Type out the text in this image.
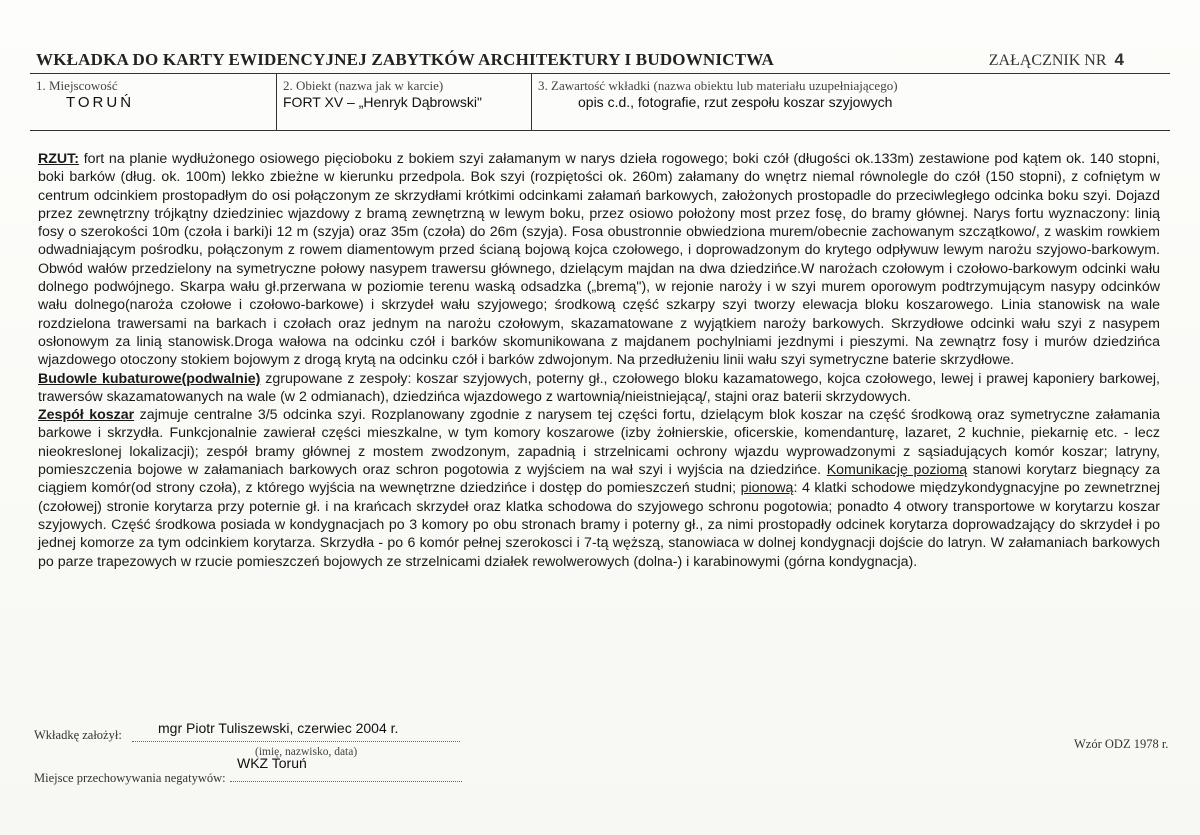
WKŁADKA DO KARTY EWIDENCYJNEJ ZABYTKÓW ARCHITEKTURY I BUDOWNICTWA	ZAŁĄCZNIK NR 4
1. Miejscowość
TORUŃ
2. Obiekt (nazwa jak w karcie)
FORT XV – „Henryk Dąbrowski"
3. Zawartość wkładki (nazwa obiektu lub materiału uzupełniającego)
opis c.d., fotografie, rzut zespołu koszar szyjowych

RZUT: fort na planie wydłużonego osiowego pięcioboku z bokiem szyi załamanym w narys dzieła rogowego; boki czół (długości ok.133m) zestawione pod kątem ok. 140 stopni, boki barków (dług. ok. 100m) lekko zbieżne w kierunku przedpola. Bok szyi (rozpiętości ok. 260m) załamany do wnętrz niemal równolegle do czół (150 stopni), z cofniętym w centrum odcinkiem prostopadłym do osi połączonym ze skrzydłami krótkimi odcinkami załamań barkowych, założonych prostopadle do przeciwległego odcinka boku szyi. Dojazd przez zewnętrzny trójkątny dziedziniec wjazdowy z bramą zewnętrzną w lewym boku, przez osiowo położony most przez fosę, do bramy głównej. Narys fortu wyznaczony: linią fosy o szerokości 10m (czoła i barki)i 12 m (szyja) oraz 35m (czoła) do 26m (szyja). Fosa obustronnie obwiedziona murem/obecnie zachowanym szczątkowo/, z waskim rowkiem odwadniającym pośrodku, połączonym z rowem diamentowym przed ścianą bojową kojca czołowego, i doprowadzonym do krytego odpływuw lewym narożu szyjowo-barkowym. Obwód wałów przedzielony na symetryczne połowy nasypem trawersu głównego, dzielącym majdan na dwa dziedzińce.W narożach czołowym i czołowo-barkowym odcinki wału dolnego podwójnego. Skarpa wału gł.przerwana w poziomie terenu waską odsadzka („bremą"), w rejonie naroży i w szyi murem oporowym podtrzymującym nasypy odcinków wału dolnego(naroża czołowe i czołowo-barkowe) i skrzydeł wału szyjowego; środkową część szkarpy szyi tworzy elewacja bloku koszarowego. Linia stanowisk na wale rozdzielona trawersami na barkach i czołach oraz jednym na narożu czołowym, skazamatowane z wyjątkiem naroży barkowych. Skrzydłowe odcinki wału szyi z nasypem osłonowym za linią stanowisk.Droga wałowa na odcinku czół i barków skomunikowana z majdanem pochylniami jezdnymi i pieszymi. Na zewnątrz fosy i murów dziedzińca wjazdowego otoczony stokiem bojowym z drogą krytą na odcinku czół i barków zdwojonym. Na przedłużeniu linii wału szyi symetryczne baterie skrzydłowe.

Budowle kubaturowe(podwalnie) zgrupowane z zespoły: koszar szyjowych, poterny gł., czołowego bloku kazamatowego, kojca czołowego, lewej i prawej kaponiery barkowej, trawersów skazamatowanych na wale (w 2 odmianach), dziedzińca wjazdowego z wartownią/nieistniejącą/, stajni oraz baterii skrzydowych.

Zespół koszar zajmuje centralne 3/5 odcinka szyi. Rozplanowany zgodnie z narysem tej części fortu, dzielącym blok koszar na część środkową oraz symetryczne załamania barkowe i skrzydła. Funkcjonalnie zawierał części mieszkalne, w tym komory koszarowe (izby żołnierskie, oficerskie, komendanturę, lazaret, 2 kuchnie, piekarnię etc. - lecz nieokreslonej lokalizacji); zespół bramy głównej z mostem zwodzonym, zapadnią i strzelnicami ochrony wjazdu wyprowadzonymi z sąsiadujących komór koszar; latryny, pomieszczenia bojowe w załamaniach barkowych oraz schron pogotowia z wyjściem na wał szyi i wyjścia na dziedzińce. Komunikację poziomą stanowi korytarz biegnący za ciągiem komór(od strony czoła), z którego wyjścia na wewnętrzne dziedzińce i dostęp do pomieszczeń studni; pionową: 4 klatki schodowe międzykondygnacyjne po zewnetrznej (czołowej) stronie korytarza przy poternie gł. i na krańcach skrzydeł oraz klatka schodowa do szyjowego schronu pogotowia; ponadto 4 otwory transportowe w korytarzu koszar szyjowych. Część środkowa posiada w kondygnacjach po 3 komory po obu stronach bramy i poterny gł., za nimi prostopadły odcinek korytarza doprowadzający do skrzydeł i po jednej komorze za tym odcinkiem korytarza. Skrzydła - po 6 komór pełnej szerokosci i 7-tą węższą, stanowiaca w dolnej kondygnacji dojście do latryn. W załamaniach barkowych po parze trapezowych w rzucie pomieszczeń bojowych ze strzelnicami działek rewolwerowych (dolna-) i karabinowymi (górna kondygnacja).

Wkładkę założył:	mgr Piotr Tuliszewski, czerwiec 2004 r.
(imię, nazwisko, data)
WKZ Toruń
Miejsce przechowywania negatywów:
Wzór ODZ 1978 r.
